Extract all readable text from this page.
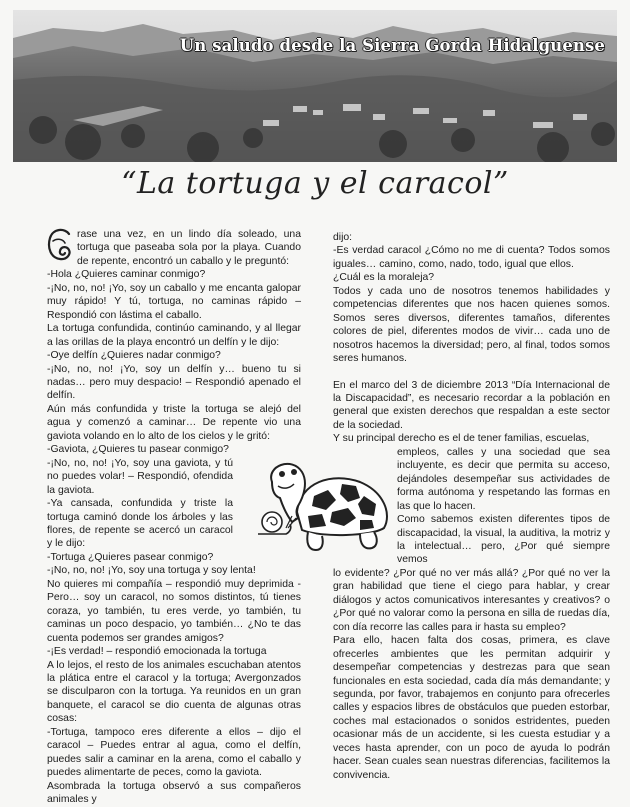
Un saludo desde la Sierra Gorda Hidalguense
“La tortuga y el caracol”

rase una vez, en un lindo día soleado, una tortuga que paseaba sola por la playa. Cuando de repente, encontró un caballo y le preguntó:

-Hola ¿Quieres caminar conmigo?

-¡No, no, no! ¡Yo, soy un caballo y me encanta galopar muy rápido! Y tú, tortuga, no caminas rápido – Respondió con lástima el caballo.

La tortuga confundida, continúo caminando, y al llegar a las orillas de la playa encontró un delfín y le dijo:

-Oye delfín ¿Quieres nadar conmigo?

-¡No, no, no! ¡Yo, soy un delfín y… bueno tu si nadas… pero muy despacio! – Respondió apenado el delfín.

Aún más confundida y triste la tortuga se alejó del agua y comenzó a caminar… De repente vio una gaviota volando en lo alto de los cielos y le gritó:

-Gaviota, ¿Quieres tu pasear conmigo?

-¡No, no, no! ¡Yo, soy una gaviota, y tú no puedes volar! – Respondió, ofendida la gaviota.

-Ya cansada, confundida y triste la tortuga caminó donde los árboles y las flores, de repente se acercó un caracol y le dijo:

-Tortuga ¿Quieres pasear conmigo?

-¡No, no, no! ¡Yo, soy una tortuga y soy lenta!

No quieres mi compañía – respondió muy deprimida -Pero… soy un caracol, no somos distintos, tú tienes coraza, yo también, tu eres verde, yo también, tu caminas un poco despacio, yo también… ¿No te das cuenta podemos ser grandes amigos?

-¡Es verdad! – respondió emocionada la tortuga

A lo lejos, el resto de los animales escuchaban atentos la plática entre el caracol y la tortuga; Avergonzados se disculparon con la tortuga. Ya reunidos en un gran banquete, el caracol se dio cuenta de algunas otras cosas:

-Tortuga, tampoco eres diferente a ellos – dijo el caracol – Puedes entrar al agua, como el delfín, puedes salir a caminar en la arena, como el caballo y puedes alimentarte de peces, como la gaviota.

Asombrada la tortuga observó a sus compañeros animales y

dijo:

-Es verdad caracol ¿Cómo no me di cuenta? Todos somos iguales… camino, como, nado, todo, igual que ellos.

¿Cuál es la moraleja?

Todos y cada uno de nosotros tenemos habilidades y competencias diferentes que nos hacen quienes somos. Somos seres diversos, diferentes tamaños, diferentes colores de piel, diferentes modos de vivir… cada uno de nosotros hacemos la diversidad; pero, al final, todos somos seres humanos.

En el marco del 3 de diciembre 2013 “Día Internacional de la Discapacidad”, es necesario recordar a la población en general que existen derechos que respaldan a este sector de la sociedad.

Y su principal derecho es el de tener familias, escuelas,

empleos, calles y una sociedad que sea incluyente, es decir que permita su acceso, dejándoles desempeñar sus actividades de forma autónoma y respetando las formas en las que lo hacen.

Como sabemos existen diferentes tipos de discapacidad, la visual, la auditiva, la motriz y la intelectual… pero, ¿Por qué siempre vemos

lo evidente? ¿Por qué no ver más allá? ¿Por qué no ver la gran habilidad que tiene el ciego para hablar, y crear diálogos y actos comunicativos interesantes y creativos? o ¿Por qué no valorar como la persona en silla de ruedas día, con día recorre las calles para ir hasta su empleo?

Para ello, hacen falta dos cosas, primera, es clave ofrecerles ambientes que les permitan adquirir y desempeñar competencias y destrezas para que sean funcionales en esta sociedad, cada día más demandante; y segunda, por favor, trabajemos en conjunto para ofrecerles calles y espacios libres de obstáculos que pueden estorbar, coches mal estacionados o sonidos estridentes, pueden ocasionar más de un accidente, si les cuesta estudiar y a veces hasta aprender, con un poco de ayuda lo podrán hacer. Sean cuales sean nuestras diferencias, facilitemos la convivencia.
